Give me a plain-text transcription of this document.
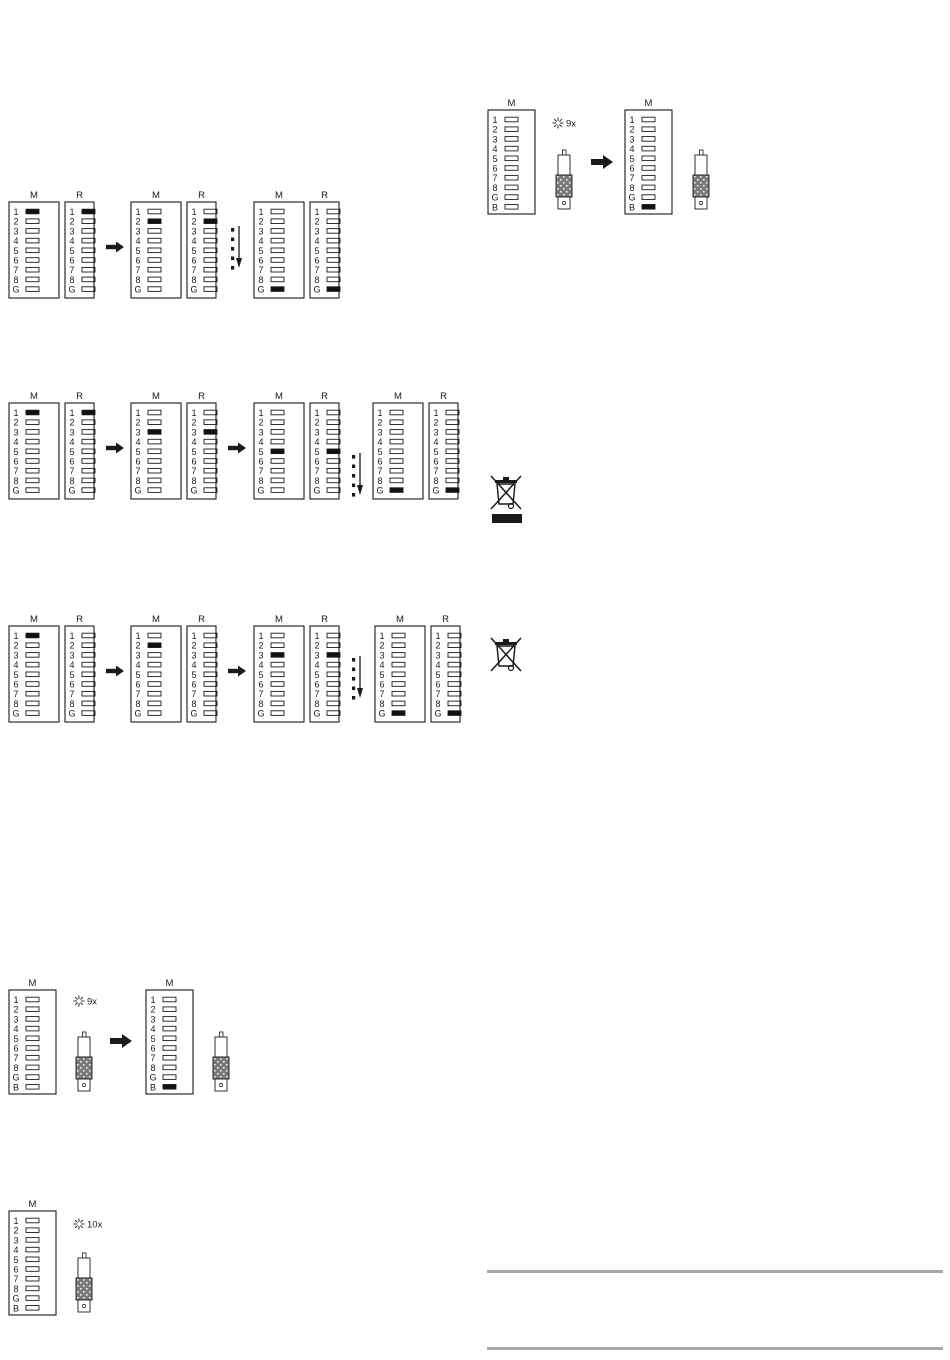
M
1
2
3
4
5
6
7
8
G
R
1
2
3
4
5
6
7
8
G
M
1
2
3
4
5
6
7
8
G
R
1
2
3
4
5
6
7
8
G
M
1
2
3
4
5
6
7
8
G
R
1
2
3
4
5
6
7
8
G
M
1
2
3
4
5
6
7
8
G
R
1
2
3
4
5
6
7
8
G
M
1
2
3
4
5
6
7
8
G
R
1
2
3
4
5
6
7
8
G
M
1
2
3
4
5
6
7
8
G
R
1
2
3
4
5
6
7
8
G
M
1
2
3
4
5
6
7
8
G
R
1
2
3
4
5
6
7
8
G
M
1
2
3
4
5
6
7
8
G
R
1
2
3
4
5
6
7
8
G
M
1
2
3
4
5
6
7
8
G
R
1
2
3
4
5
6
7
8
G
M
1
2
3
4
5
6
7
8
G
R
1
2
3
4
5
6
7
8
G
M
1
2
3
4
5
6
7
8
G
R
1
2
3
4
5
6
7
8
G
M
1
2
3
4
5
6
7
8
G
B
9x
M
1
2
3
4
5
6
7
8
G
B
M
1
2
3
4
5
6
7
8
G
B
10x
M
1
2
3
4
5
6
7
8
G
B
9x
M
1
2
3
4
5
6
7
8
G
B
